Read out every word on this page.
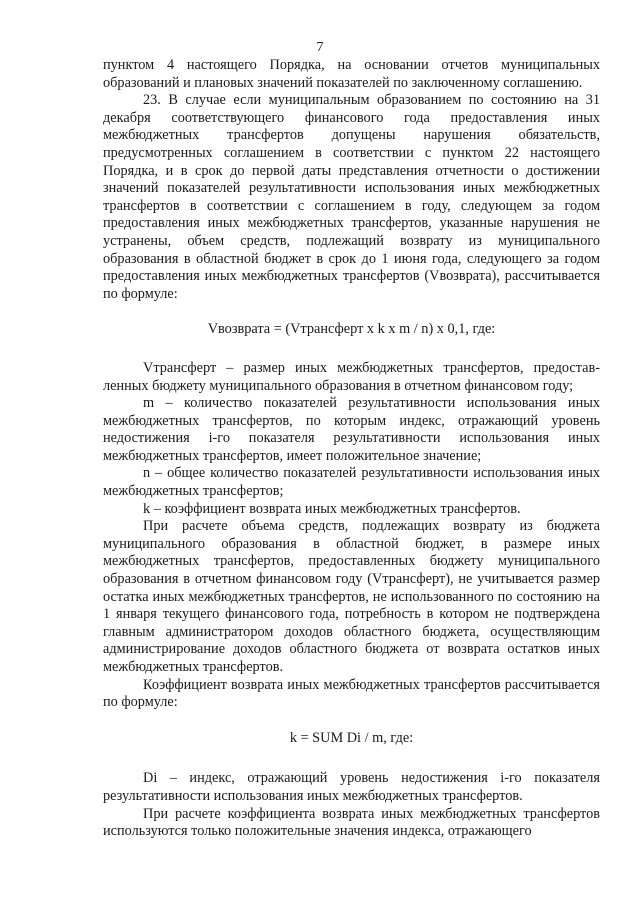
7

пунктом 4 настоящего Порядка, на основании отчетов муниципальных образований и плановых значений показателей по заключенному соглашению.

23. В случае если муниципальным образованием по состоянию на 31 декабря соответствующего финансового года предоставления иных межбюджетных трансфертов допущены нарушения обязательств, предусмотренных соглашением в соответствии с пунктом 22 настоящего Порядка, и в срок до первой даты представления отчетности о достижении значений показателей результативности использования иных межбюджетных трансфертов в соответствии с соглашением в году, следующем за годом предоставления иных межбюджетных трансфертов, указанные нарушения не устранены, объем средств, подлежащий возврату из муниципального образования в областной бюджет в срок до 1 июня года, следующего за годом предоставления иных межбюджетных трансфертов (Vвозврата), рассчитывается по формуле:

Vвозврата = (Vтрансферт x k x m / n) x 0,1, где:

Vтрансферт – размер иных межбюджетных трансфертов, предоставленных бюджету муниципального образования в отчетном финансовом году;

m – количество показателей результативности использования иных межбюджетных трансфертов, по которым индекс, отражающий уровень недостижения i-го показателя результативности использования иных межбюджетных трансфертов, имеет положительное значение;

n – общее количество показателей результативности использования иных межбюджетных трансфертов;

k – коэффициент возврата иных межбюджетных трансфертов.

При расчете объема средств, подлежащих возврату из бюджета муниципального образования в областной бюджет, в размере иных межбюджетных трансфертов, предоставленных бюджету муниципального образования в отчетном финансовом году (Vтрансферт), не учитывается размер остатка иных межбюджетных трансфертов, не использованного по состоянию на 1 января текущего финансового года, потребность в котором не подтверждена главным администратором доходов областного бюджета, осуществляющим администрирование доходов областного бюджета от возврата остатков иных межбюджетных трансфертов.

Коэффициент возврата иных межбюджетных трансфертов рассчитывается по формуле:

k = SUM Di / m, где:

Di – индекс, отражающий уровень недостижения i-го показателя результативности использования иных межбюджетных трансфертов.

При расчете коэффициента возврата иных межбюджетных трансфертов используются только положительные значения индекса, отражающего
